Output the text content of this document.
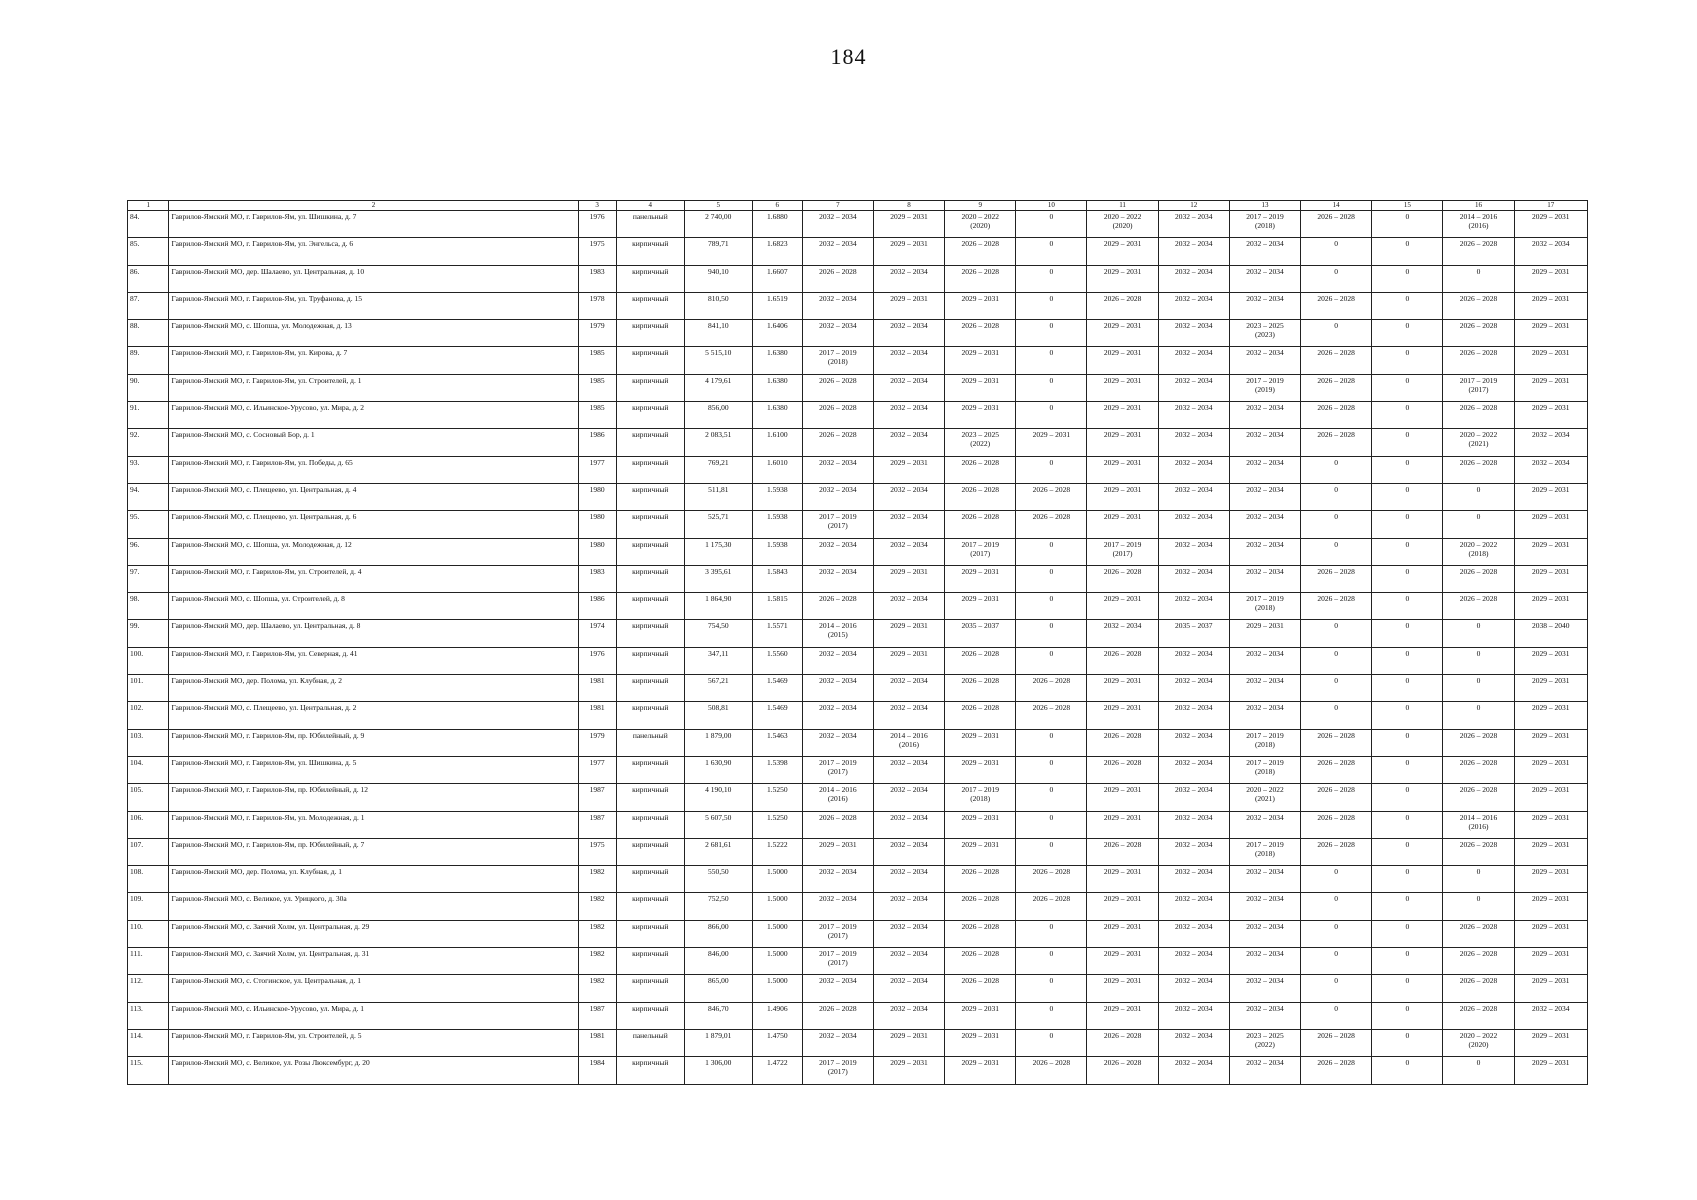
184
1	2	3	4	5	6	7	8	9	10	11	12	13	14	15	16	17
84.	Гаврилов-Ямский МО, г. Гаврилов-Ям, ул. Шишкина, д. 7	1976	панельный	2 740,00	1.6880	2032 – 2034	2029 – 2031	2020 – 2022
(2020)	0	2020 – 2022
(2020)	2032 – 2034	2017 – 2019
(2018)	2026 – 2028	0	2014 – 2016
(2016)	2029 – 2031
85.	Гаврилов-Ямский МО, г. Гаврилов-Ям, ул. Энгельса, д. 6	1975	кирпичный	789,71	1.6823	2032 – 2034	2029 – 2031	2026 – 2028	0	2029 – 2031	2032 – 2034	2032 – 2034	0	0	2026 – 2028	2032 – 2034
86.	Гаврилов-Ямский МО, дер. Шалаево, ул. Центральная, д. 10	1983	кирпичный	940,10	1.6607	2026 – 2028	2032 – 2034	2026 – 2028	0	2029 – 2031	2032 – 2034	2032 – 2034	0	0	0	2029 – 2031
87.	Гаврилов-Ямский МО, г. Гаврилов-Ям, ул. Труфанова, д. 15	1978	кирпичный	810,50	1.6519	2032 – 2034	2029 – 2031	2029 – 2031	0	2026 – 2028	2032 – 2034	2032 – 2034	2026 – 2028	0	2026 – 2028	2029 – 2031
88.	Гаврилов-Ямский МО, с. Шопша, ул. Молодежная, д. 13	1979	кирпичный	841,10	1.6406	2032 – 2034	2032 – 2034	2026 – 2028	0	2029 – 2031	2032 – 2034	2023 – 2025
(2023)	0	0	2026 – 2028	2029 – 2031
89.	Гаврилов-Ямский МО, г. Гаврилов-Ям, ул. Кирова, д. 7	1985	кирпичный	5 515,10	1.6380	2017 – 2019
(2018)	2032 – 2034	2029 – 2031	0	2029 – 2031	2032 – 2034	2032 – 2034	2026 – 2028	0	2026 – 2028	2029 – 2031
90.	Гаврилов-Ямский МО, г. Гаврилов-Ям, ул. Строителей, д. 1	1985	кирпичный	4 179,61	1.6380	2026 – 2028	2032 – 2034	2029 – 2031	0	2029 – 2031	2032 – 2034	2017 – 2019
(2019)	2026 – 2028	0	2017 – 2019
(2017)	2029 – 2031
91.	Гаврилов-Ямский МО, с. Ильинское-Урусово, ул. Мира, д. 2	1985	кирпичный	856,00	1.6380	2026 – 2028	2032 – 2034	2029 – 2031	0	2029 – 2031	2032 – 2034	2032 – 2034	2026 – 2028	0	2026 – 2028	2029 – 2031
92.	Гаврилов-Ямский МО, с. Сосновый Бор, д. 1	1986	кирпичный	2 083,51	1.6100	2026 – 2028	2032 – 2034	2023 – 2025
(2022)	2029 – 2031	2029 – 2031	2032 – 2034	2032 – 2034	2026 – 2028	0	2020 – 2022
(2021)	2032 – 2034
93.	Гаврилов-Ямский МО, г. Гаврилов-Ям, ул. Победы, д. 65	1977	кирпичный	769,21	1.6010	2032 – 2034	2029 – 2031	2026 – 2028	0	2029 – 2031	2032 – 2034	2032 – 2034	0	0	2026 – 2028	2032 – 2034
94.	Гаврилов-Ямский МО, с. Плещеево, ул. Центральная, д. 4	1980	кирпичный	511,81	1.5938	2032 – 2034	2032 – 2034	2026 – 2028	2026 – 2028	2029 – 2031	2032 – 2034	2032 – 2034	0	0	0	2029 – 2031
95.	Гаврилов-Ямский МО, с. Плещеево, ул. Центральная, д. 6	1980	кирпичный	525,71	1.5938	2017 – 2019
(2017)	2032 – 2034	2026 – 2028	2026 – 2028	2029 – 2031	2032 – 2034	2032 – 2034	0	0	0	2029 – 2031
96.	Гаврилов-Ямский МО, с. Шопша, ул. Молодежная, д. 12	1980	кирпичный	1 175,30	1.5938	2032 – 2034	2032 – 2034	2017 – 2019
(2017)	0	2017 – 2019
(2017)	2032 – 2034	2032 – 2034	0	0	2020 – 2022
(2018)	2029 – 2031
97.	Гаврилов-Ямский МО, г. Гаврилов-Ям, ул. Строителей, д. 4	1983	кирпичный	3 395,61	1.5843	2032 – 2034	2029 – 2031	2029 – 2031	0	2026 – 2028	2032 – 2034	2032 – 2034	2026 – 2028	0	2026 – 2028	2029 – 2031
98.	Гаврилов-Ямский МО, с. Шопша, ул. Строителей, д. 8	1986	кирпичный	1 864,90	1.5815	2026 – 2028	2032 – 2034	2029 – 2031	0	2029 – 2031	2032 – 2034	2017 – 2019
(2018)	2026 – 2028	0	2026 – 2028	2029 – 2031
99.	Гаврилов-Ямский МО, дер. Шалаево, ул. Центральная, д. 8	1974	кирпичный	754,50	1.5571	2014 – 2016
(2015)	2029 – 2031	2035 – 2037	0	2032 – 2034	2035 – 2037	2029 – 2031	0	0	0	2038 – 2040
100.	Гаврилов-Ямский МО, г. Гаврилов-Ям, ул. Северная, д. 41	1976	кирпичный	347,11	1.5560	2032 – 2034	2029 – 2031	2026 – 2028	0	2026 – 2028	2032 – 2034	2032 – 2034	0	0	0	2029 – 2031
101.	Гаврилов-Ямский МО, дер. Полома, ул. Клубная, д. 2	1981	кирпичный	567,21	1.5469	2032 – 2034	2032 – 2034	2026 – 2028	2026 – 2028	2029 – 2031	2032 – 2034	2032 – 2034	0	0	0	2029 – 2031
102.	Гаврилов-Ямский МО, с. Плещеево, ул. Центральная, д. 2	1981	кирпичный	508,81	1.5469	2032 – 2034	2032 – 2034	2026 – 2028	2026 – 2028	2029 – 2031	2032 – 2034	2032 – 2034	0	0	0	2029 – 2031
103.	Гаврилов-Ямский МО, г. Гаврилов-Ям, пр. Юбилейный, д. 9	1979	панельный	1 879,00	1.5463	2032 – 2034	2014 – 2016
(2016)	2029 – 2031	0	2026 – 2028	2032 – 2034	2017 – 2019
(2018)	2026 – 2028	0	2026 – 2028	2029 – 2031
104.	Гаврилов-Ямский МО, г. Гаврилов-Ям, ул. Шишкина, д. 5	1977	кирпичный	1 630,90	1.5398	2017 – 2019
(2017)	2032 – 2034	2029 – 2031	0	2026 – 2028	2032 – 2034	2017 – 2019
(2018)	2026 – 2028	0	2026 – 2028	2029 – 2031
105.	Гаврилов-Ямский МО, г. Гаврилов-Ям, пр. Юбилейный, д. 12	1987	кирпичный	4 190,10	1.5250	2014 – 2016
(2016)	2032 – 2034	2017 – 2019
(2018)	0	2029 – 2031	2032 – 2034	2020 – 2022
(2021)	2026 – 2028	0	2026 – 2028	2029 – 2031
106.	Гаврилов-Ямский МО, г. Гаврилов-Ям, ул. Молодежная, д. 1	1987	кирпичный	5 607,50	1.5250	2026 – 2028	2032 – 2034	2029 – 2031	0	2029 – 2031	2032 – 2034	2032 – 2034	2026 – 2028	0	2014 – 2016
(2016)	2029 – 2031
107.	Гаврилов-Ямский МО, г. Гаврилов-Ям, пр. Юбилейный, д. 7	1975	кирпичный	2 681,61	1.5222	2029 – 2031	2032 – 2034	2029 – 2031	0	2026 – 2028	2032 – 2034	2017 – 2019
(2018)	2026 – 2028	0	2026 – 2028	2029 – 2031
108.	Гаврилов-Ямский МО, дер. Полома, ул. Клубная, д. 1	1982	кирпичный	550,50	1.5000	2032 – 2034	2032 – 2034	2026 – 2028	2026 – 2028	2029 – 2031	2032 – 2034	2032 – 2034	0	0	0	2029 – 2031
109.	Гаврилов-Ямский МО, с. Великое, ул. Урицкого, д. 30а	1982	кирпичный	752,50	1.5000	2032 – 2034	2032 – 2034	2026 – 2028	2026 – 2028	2029 – 2031	2032 – 2034	2032 – 2034	0	0	0	2029 – 2031
110.	Гаврилов-Ямский МО, с. Заячий Холм, ул. Центральная, д. 29	1982	кирпичный	866,00	1.5000	2017 – 2019
(2017)	2032 – 2034	2026 – 2028	0	2029 – 2031	2032 – 2034	2032 – 2034	0	0	2026 – 2028	2029 – 2031
111.	Гаврилов-Ямский МО, с. Заячий Холм, ул. Центральная, д. 31	1982	кирпичный	846,00	1.5000	2017 – 2019
(2017)	2032 – 2034	2026 – 2028	0	2029 – 2031	2032 – 2034	2032 – 2034	0	0	2026 – 2028	2029 – 2031
112.	Гаврилов-Ямский МО, с. Стогинское, ул. Центральная, д. 1	1982	кирпичный	865,00	1.5000	2032 – 2034	2032 – 2034	2026 – 2028	0	2029 – 2031	2032 – 2034	2032 – 2034	0	0	2026 – 2028	2029 – 2031
113.	Гаврилов-Ямский МО, с. Ильинское-Урусово, ул. Мира, д. 1	1987	кирпичный	846,70	1.4906	2026 – 2028	2032 – 2034	2029 – 2031	0	2029 – 2031	2032 – 2034	2032 – 2034	0	0	2026 – 2028	2032 – 2034
114.	Гаврилов-Ямский МО, г. Гаврилов-Ям, ул. Строителей, д. 5	1981	панельный	1 879,01	1.4750	2032 – 2034	2029 – 2031	2029 – 2031	0	2026 – 2028	2032 – 2034	2023 – 2025
(2022)	2026 – 2028	0	2020 – 2022
(2020)	2029 – 2031
115.	Гаврилов-Ямский МО, с. Великое, ул. Розы Люксембург, д. 20	1984	кирпичный	1 306,00	1.4722	2017 – 2019
(2017)	2029 – 2031	2029 – 2031	2026 – 2028	2026 – 2028	2032 – 2034	2032 – 2034	2026 – 2028	0	0	2029 – 2031
